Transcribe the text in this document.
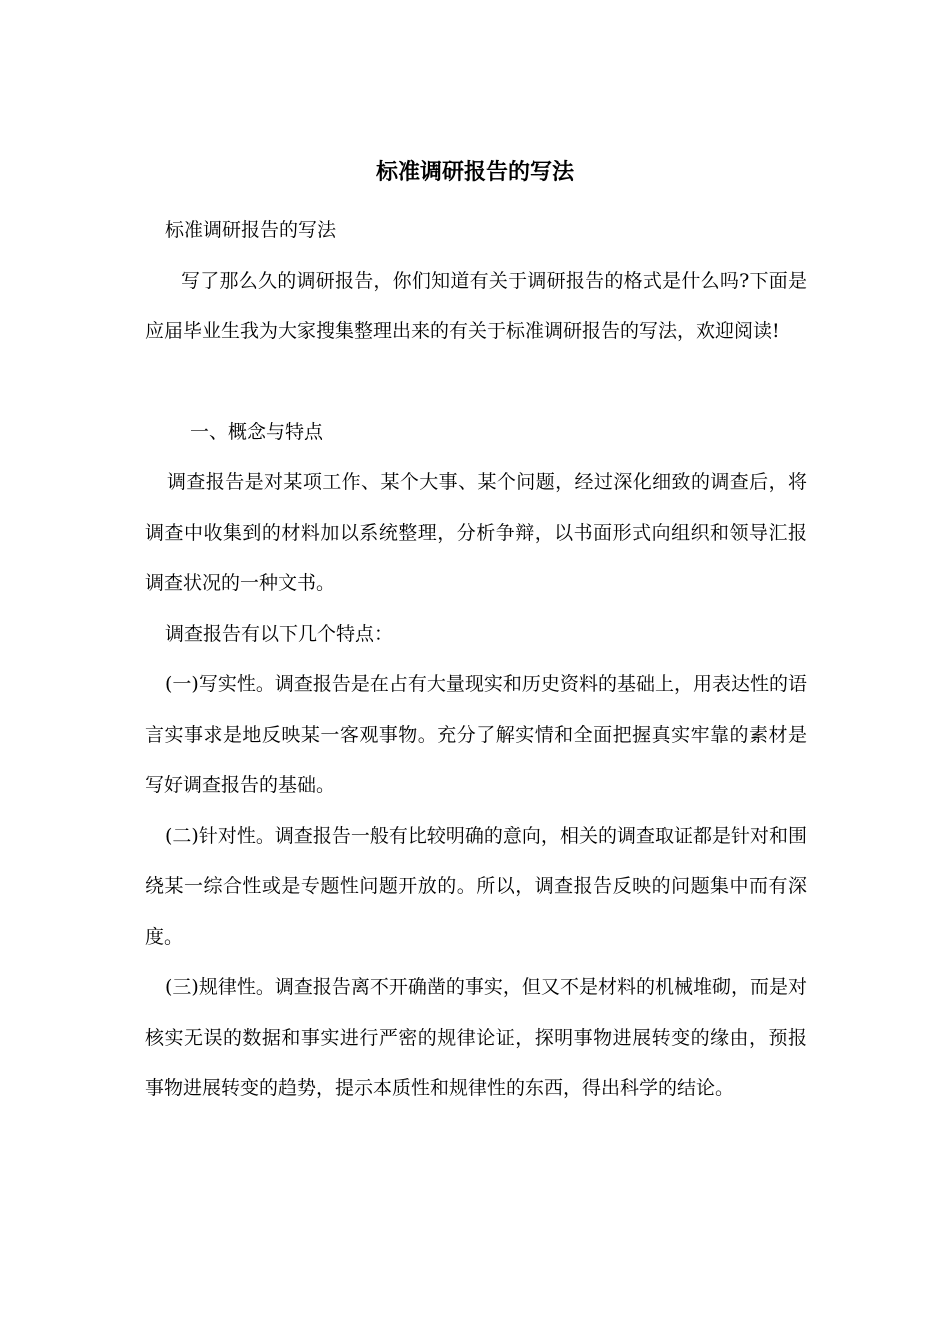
标准调研报告的写法

标准调研报告的写法

写了那么久的调研报告，你们知道有关于调研报告的格式是什么吗?下面是应届毕业生我为大家搜集整理出来的有关于标准调研报告的写法，欢迎阅读!

一、概念与特点

调查报告是对某项工作、某个大事、某个问题，经过深化细致的调查后，将调查中收集到的材料加以系统整理，分析争辩，以书面形式向组织和领导汇报调查状况的一种文书。

调查报告有以下几个特点：

(一)写实性。调查报告是在占有大量现实和历史资料的基础上，用表达性的语言实事求是地反映某一客观事物。充分了解实情和全面把握真实牢靠的素材是写好调查报告的基础。

(二)针对性。调查报告一般有比较明确的意向，相关的调查取证都是针对和围绕某一综合性或是专题性问题开放的。所以，调查报告反映的问题集中而有深度。

(三)规律性。调查报告离不开确凿的事实，但又不是材料的机械堆砌，而是对核实无误的数据和事实进行严密的规律论证，探明事物进展转变的缘由，预报事物进展转变的趋势，提示本质性和规律性的东西，得出科学的结论。
